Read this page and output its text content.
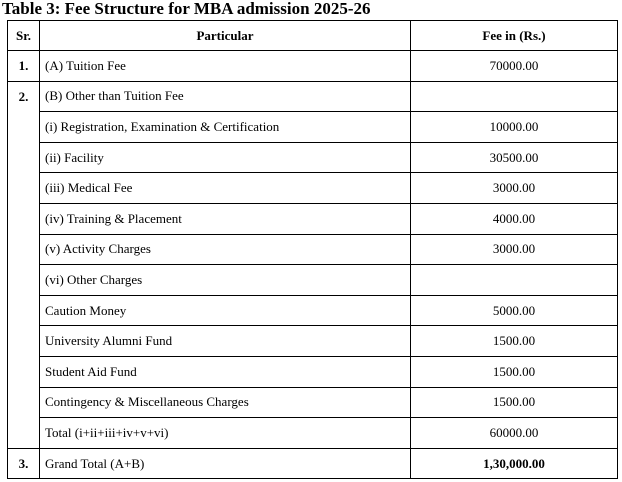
Table 3: Fee Structure for MBA admission 2025-26
Sr.	Particular	Fee in (Rs.)
1.	(A) Tuition Fee	70000.00
2.	(B) Other than Tuition Fee	
	(i) Registration, Examination & Certification	10000.00
	(ii) Facility	30500.00
	(iii) Medical Fee	3000.00
	(iv) Training & Placement	4000.00
	(v) Activity Charges	3000.00
	(vi) Other Charges	
	Caution Money	5000.00
	University Alumni Fund	1500.00
	Student Aid Fund	1500.00
	Contingency & Miscellaneous Charges	1500.00
	Total (i+ii+iii+iv+v+vi)	60000.00
3.	Grand Total (A+B)	1,30,000.00
